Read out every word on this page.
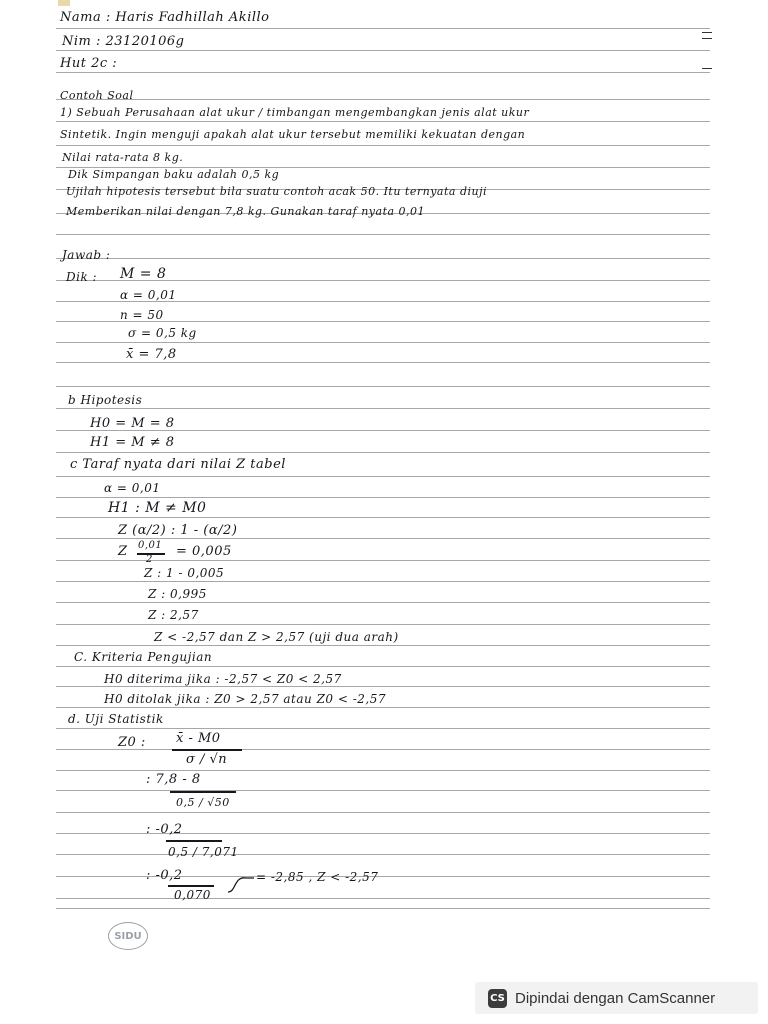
Nama : Haris Fadhillah Akillo
Nim : 23120106g
Hut 2c :
Contoh Soal
1) Sebuah Perusahaan alat ukur / timbangan mengembangkan jenis alat ukur
Sintetik. Ingin menguji apakah alat ukur tersebut memiliki kekuatan dengan
Nilai rata-rata 8 kg.
Dik Simpangan baku adalah 0,5 kg
Ujilah hipotesis tersebut bila suatu contoh acak 50. Itu ternyata diuji
Memberikan nilai dengan 7,8 kg. Gunakan taraf nyata 0,01
Jawab :
Dik : M = 8
α = 0,01
n = 50
σ = 0,5 kg
x̄ = 7,8
b Hipotesis
H0 = M = 8
H1 = M ≠ 8
c Taraf nyata dari nilai Z tabel
α = 0,01
H1 : M ≠ M0
Z (α/2) : 1 - (α/2)
Z 0,01
2
= 0,005
Z : 1 - 0,005
Z : 0,995
Z : 2,57
Z < -2,57 dan Z > 2,57 (uji dua arah)
C. Kriteria Pengujian
H0 diterima jika : -2,57 < Z0 < 2,57
H0 ditolak jika : Z0 > 2,57 atau Z0 < -2,57
d. Uji Statistik
Z0 : x̄ - M0
σ / √n
: 7,8 - 8
0,5 / √50
: -0,2
0,5 / 7,071
: -0,2
0,070
= -2,85 , Z < -2,57
SIDU
CS Dipindai dengan CamScanner
